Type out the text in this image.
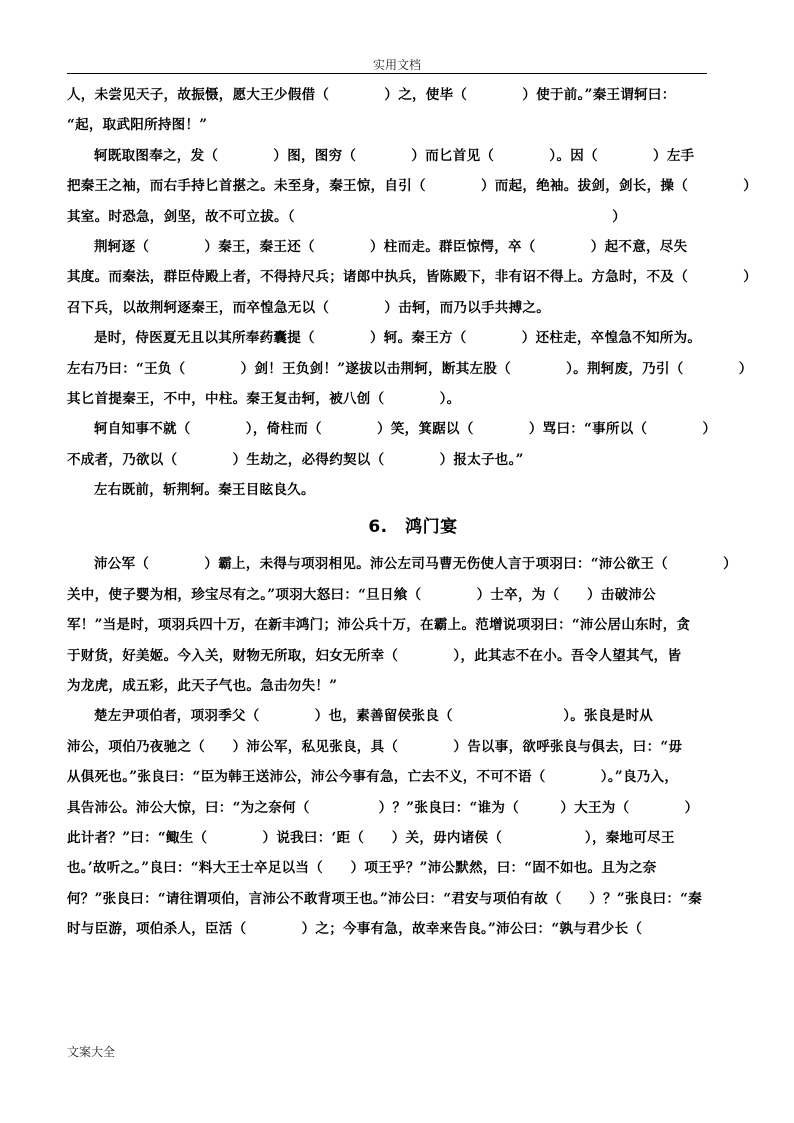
实用文档
人，未尝见天子，故振慑，愿大王少假借（　　　　）之，使毕（　　　　）使于前。”秦王谓轲曰：
“起，取武阳所持图！”
轲既取图奉之，发（　　　　）图，图穷（　　　　）而匕首见（　　　　）。因（　　　　）左手
把秦王之袖，而右手持匕首揕之。未至身，秦王惊，自引（　　　　）而起，绝袖。拔剑，剑长，操（　　　　）
其室。时恐急，剑坚，故不可立拔。（　　　　　　　　　　　　　　　　　　　　　　　）
荆轲逐（　　　　）秦王，秦王还（　　　　）柱而走。群臣惊愕，卒（　　　　）起不意，尽失
其度。而秦法，群臣侍殿上者，不得持尺兵；诸郎中执兵，皆陈殿下，非有诏不得上。方急时，不及（　　　　）
召下兵，以故荆轲逐秦王，而卒惶急无以（　　　　）击轲，而乃以手共搏之。
是时，侍医夏无且以其所奉药囊提（　　　　）轲。秦王方（　　　　）还柱走，卒惶急不知所为。
左右乃曰：“王负（　　　　）剑！王负剑！”遂拔以击荆轲，断其左股（　　　　）。荆轲废，乃引（　　　　）
其匕首提秦王，不中，中柱。秦王复击轲，被八创（　　　　）。
轲自知事不就（　　　　），倚柱而（　　　　）笑，箕踞以（　　　　）骂曰：“事所以（　　　　）
不成者，乃欲以（　　　　）生劫之，必得约契以（　　　　）报太子也。”
左右既前，斩荆轲。秦王目眩良久。
6.　鸿门宴
沛公军（　　　　）霸上，未得与项羽相见。沛公左司马曹无伤使人言于项羽曰：“沛公欲王（　　　　）
关中，使子婴为相，珍宝尽有之。”项羽大怒曰：“旦日飨（　　　　）士卒，为（　　）击破沛公
军！”当是时，项羽兵四十万，在新丰鸿门；沛公兵十万，在霸上。范增说项羽曰：“沛公居山东时，贪
于财货，好美姬。今入关，财物无所取，妇女无所幸（　　　　），此其志不在小。吾令人望其气，皆
为龙虎，成五彩，此天子气也。急击勿失！”
楚左尹项伯者，项羽季父（　　　　）也，素善留侯张良（　　　　　　　　）。张良是时从
沛公，项伯乃夜驰之（　　）沛公军，私见张良，具（　　　　）告以事，欲呼张良与俱去，曰：“毋
从俱死也。”张良曰：“臣为韩王送沛公，沛公今事有急，亡去不义，不可不语（　　　　）。”良乃入，
具告沛公。沛公大惊，曰：“为之奈何（　　　　　）？”张良曰：“谁为（　　　）大王为（　　　　）
此计者？”曰：“鲰生（　　　　）说我曰：‘距（　　）关，毋内诸侯（　　　　　　），秦地可尽王
也。’故听之。”良曰：“料大王士卒足以当（　　）项王乎？”沛公默然，曰：“固不如也。且为之奈
何？”张良曰：“请往谓项伯，言沛公不敢背项王也。”沛公曰：“君安与项伯有故（　　）？”张良曰：“秦
时与臣游，项伯杀人，臣活（　　　　）之；今事有急，故幸来告良。”沛公曰：“孰与君少长（
文案大全
